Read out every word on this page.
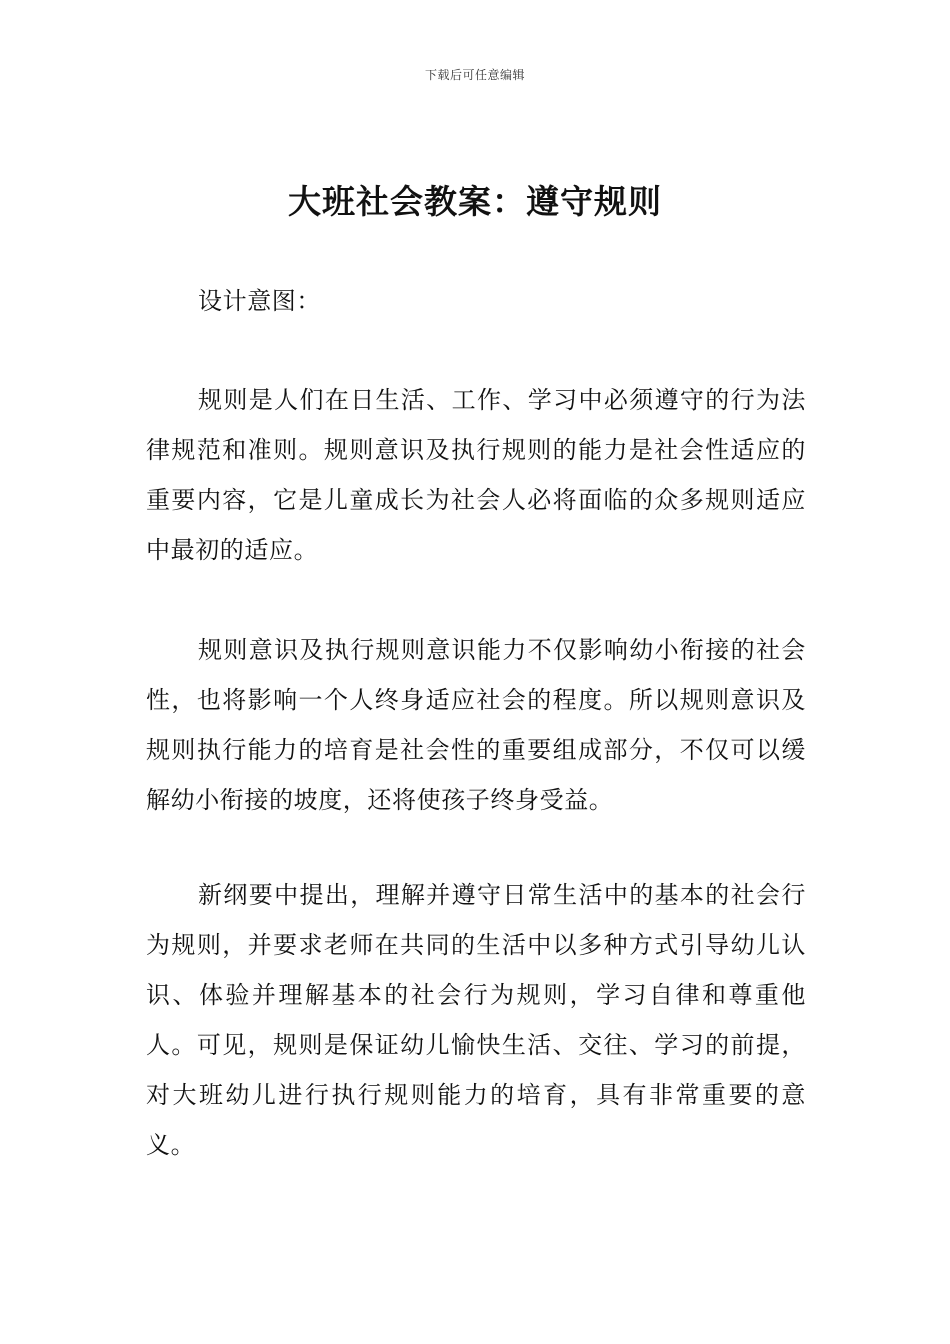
下载后可任意编辑
大班社会教案：遵守规则

设计意图：

规则是人们在日生活、工作、学习中必须遵守的行为法律规范和准则。规则意识及执行规则的能力是社会性适应的重要内容，它是儿童成长为社会人必将面临的众多规则适应中最初的适应。

规则意识及执行规则意识能力不仅影响幼小衔接的社会性，也将影响一个人终身适应社会的程度。所以规则意识及规则执行能力的培育是社会性的重要组成部分，不仅可以缓解幼小衔接的坡度，还将使孩子终身受益。

新纲要中提出，理解并遵守日常生活中的基本的社会行为规则，并要求老师在共同的生活中以多种方式引导幼儿认识、体验并理解基本的社会行为规则，学习自律和尊重他人。可见，规则是保证幼儿愉快生活、交往、学习的前提，对大班幼儿进行执行规则能力的培育，具有非常重要的意义。
